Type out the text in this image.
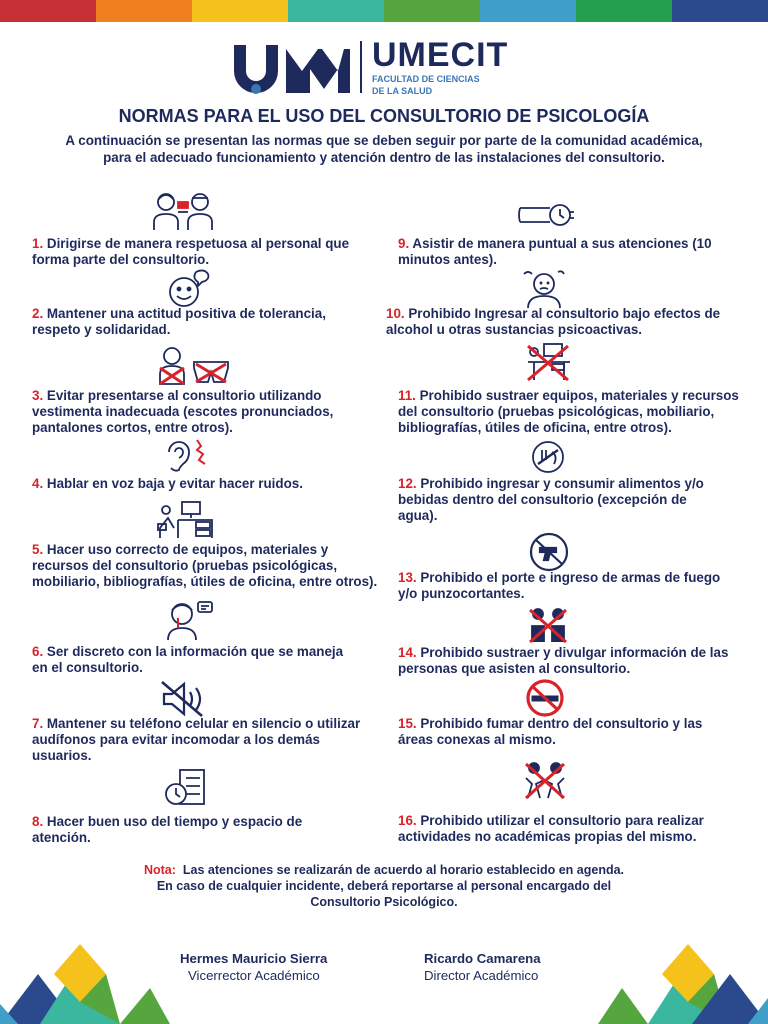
UMECIT
FACULTAD DE CIENCIAS
DE LA SALUD
NORMAS PARA EL USO DEL CONSULTORIO DE PSICOLOGÍA
A continuación se presentan las normas que se deben seguir por parte de la comunidad académica, para el adecuado funcionamiento y atención dentro de las instalaciones del consultorio.
1. Dirigirse de manera respetuosa al personal que forma parte del consultorio.
2. Mantener una actitud positiva de tolerancia, respeto y solidaridad.
3. Evitar presentarse al consultorio utilizando vestimenta inadecuada (escotes pronunciados, pantalones cortos, entre otros).
4. Hablar en voz baja y evitar hacer ruidos.
5. Hacer uso correcto de equipos, materiales y recursos del consultorio (pruebas psicológicas, mobiliario, bibliografías, útiles de oficina, entre otros).
6. Ser discreto con la información que se maneja en el consultorio.
7. Mantener su teléfono celular en silencio o utilizar audífonos para evitar incomodar a los demás usuarios.
8. Hacer buen uso del tiempo y espacio de atención.
9. Asistir de manera puntual a sus atenciones (10 minutos antes).
10. Prohibido Ingresar al consultorio bajo efectos de alcohol u otras sustancias psicoactivas.
11. Prohibido sustraer equipos, materiales y recursos del consultorio (pruebas psicológicas, mobiliario, bibliografías, útiles de oficina, entre otros).
12. Prohibido ingresar y consumir alimentos y/o bebidas dentro del consultorio (excepción de agua).
13. Prohibido el porte e ingreso de armas de fuego y/o punzocortantes.
14. Prohibido sustraer y divulgar información de las personas que asisten al consultorio.
15. Prohibido fumar dentro del consultorio y las áreas conexas al mismo.
16. Prohibido utilizar el consultorio para realizar actividades no académicas propias del mismo.
Nota: Las atenciones se realizarán de acuerdo al horario establecido en agenda.
En caso de cualquier incidente, deberá reportarse al personal encargado del
Consultorio Psicológico.
Hermes Mauricio Sierra
Vicerrector Académico
Ricardo Camarena
Director Académico
